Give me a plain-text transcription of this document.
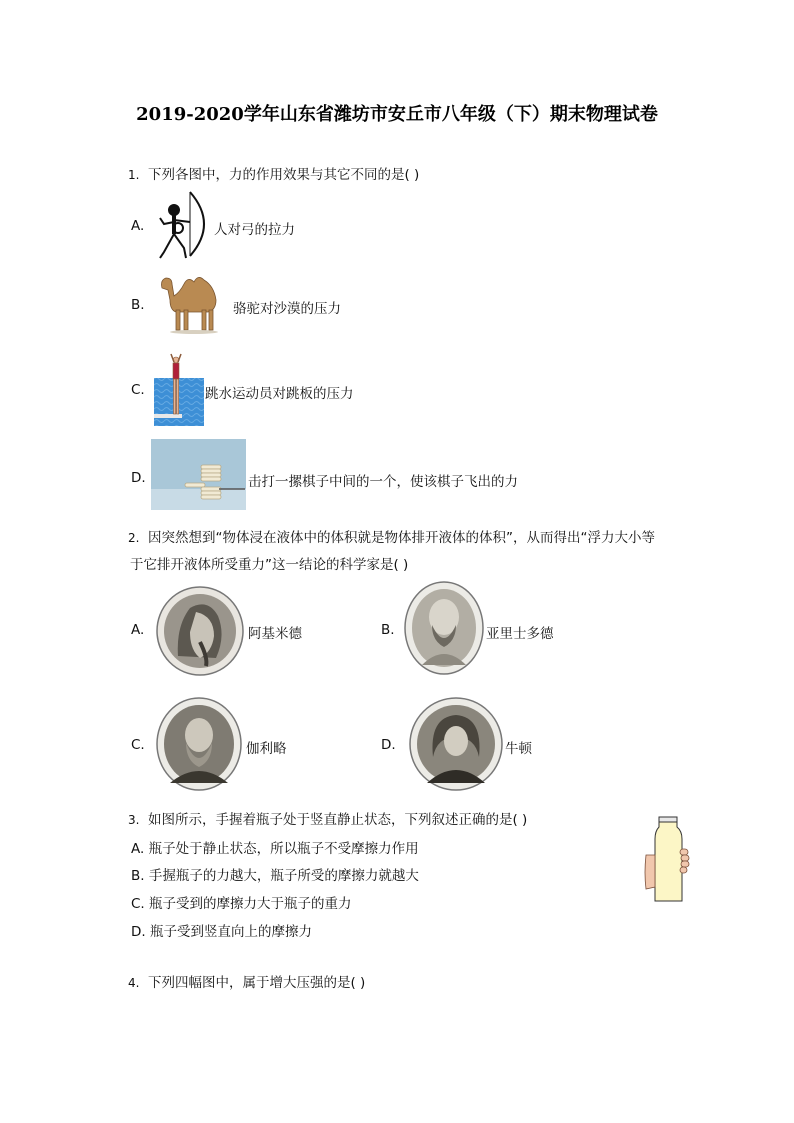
2019-2020学年山东省潍坊市安丘市八年级（下）期末物理试卷
1. 下列各图中，力的作用效果与其它不同的是( )
A.	人对弓的拉力
B.	骆驼对沙漠的压力
C.	跳水运动员对跳板的压力
D.	击打一摞棋子中间的一个，使该棋子飞出的力
2. 因突然想到“物体浸在液体中的体积就是物体排开液体的体积”，从而得出“浮力大小等
于它排开液体所受重力”这一结论的科学家是( )
A.	阿基米德	B.	亚里士多德
C.	伽利略	D.	牛顿
3. 如图所示，手握着瓶子处于竖直静止状态，下列叙述正确的是( )
A. 瓶子处于静止状态，所以瓶子不受摩擦力作用
B. 手握瓶子的力越大，瓶子所受的摩擦力就越大
C. 瓶子受到的摩擦力大于瓶子的重力
D. 瓶子受到竖直向上的摩擦力
4. 下列四幅图中，属于增大压强的是( )
